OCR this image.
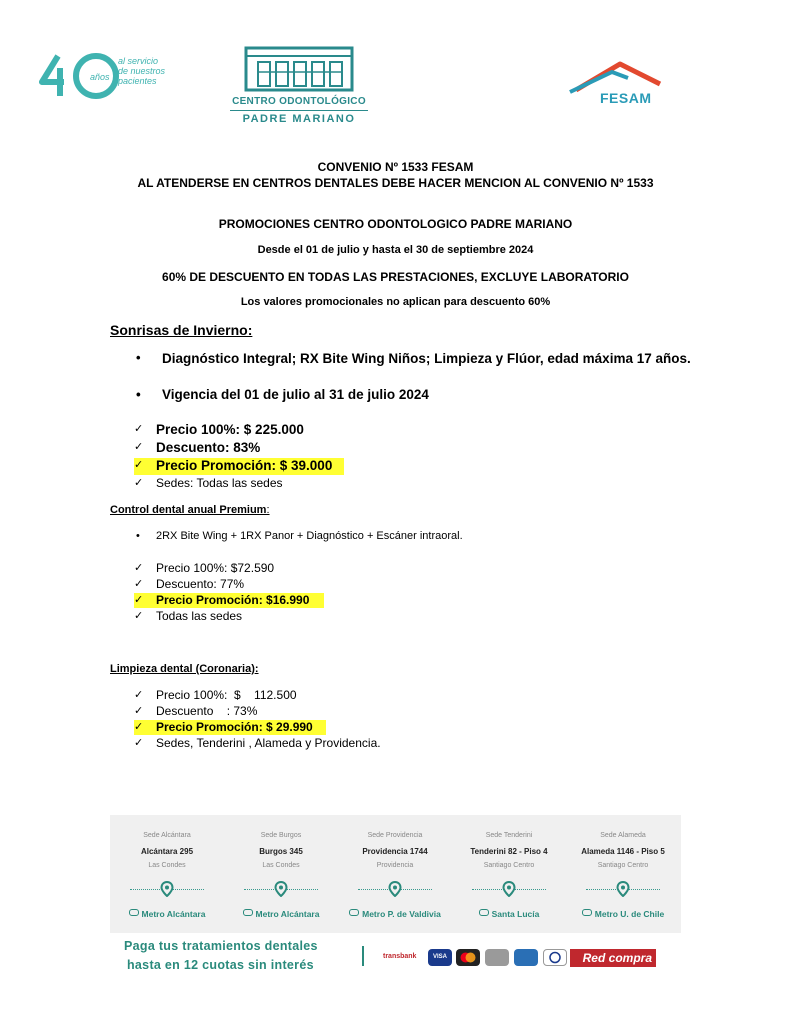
años
al servicio
de nuestros
pacientes
CENTRO ODONTOLÓGICO
PADRE MARIANO
FESAM
CONVENIO Nº 1533 FESAM
AL ATENDERSE EN CENTROS DENTALES DEBE HACER MENCION AL CONVENIO Nº 1533
PROMOCIONES CENTRO ODONTOLOGICO PADRE MARIANO
Desde el 01 de julio y hasta el 30 de septiembre 2024
60% DE DESCUENTO EN TODAS LAS PRESTACIONES, EXCLUYE LABORATORIO
Los valores promocionales no aplican para descuento 60%
Sonrisas de Invierno:
• Diagnóstico Integral; RX Bite Wing Niños; Limpieza y Flúor, edad máxima 17 años.
• Vigencia del 01 de julio al 31 de julio 2024
✓ Precio 100%: $ 225.000
✓ Descuento: 83%
✓ Precio Promoción: $ 39.000
✓ Sedes: Todas las sedes
Control dental anual Premium:
• 2RX Bite Wing + 1RX Panor + Diagnóstico + Escáner intraoral.
✓ Precio 100%: $72.590
✓ Descuento: 77%
✓ Precio Promoción: $16.990
✓ Todas las sedes
Limpieza dental (Coronaria):
✓ Precio 100%:  $    112.500
✓ Descuento    : 73%
✓ Precio Promoción: $ 29.990
✓ Sedes, Tenderini , Alameda y Providencia.
Sede Alcántara
Alcántara 295
Las Condes
Metro Alcántara
Sede Burgos
Burgos 345
Las Condes
Metro Alcántara
Sede Providencia
Providencia 1744
Providencia
Metro P. de Valdivia
Sede Tenderini
Tenderini 82 - Piso 4
Santiago Centro
Santa Lucía
Sede Alameda
Alameda 1146 - Piso 5
Santiago Centro
Metro U. de Chile
Paga tus tratamientos dentales
hasta en 12 cuotas sin interés
transbank	VISA	Red compra
